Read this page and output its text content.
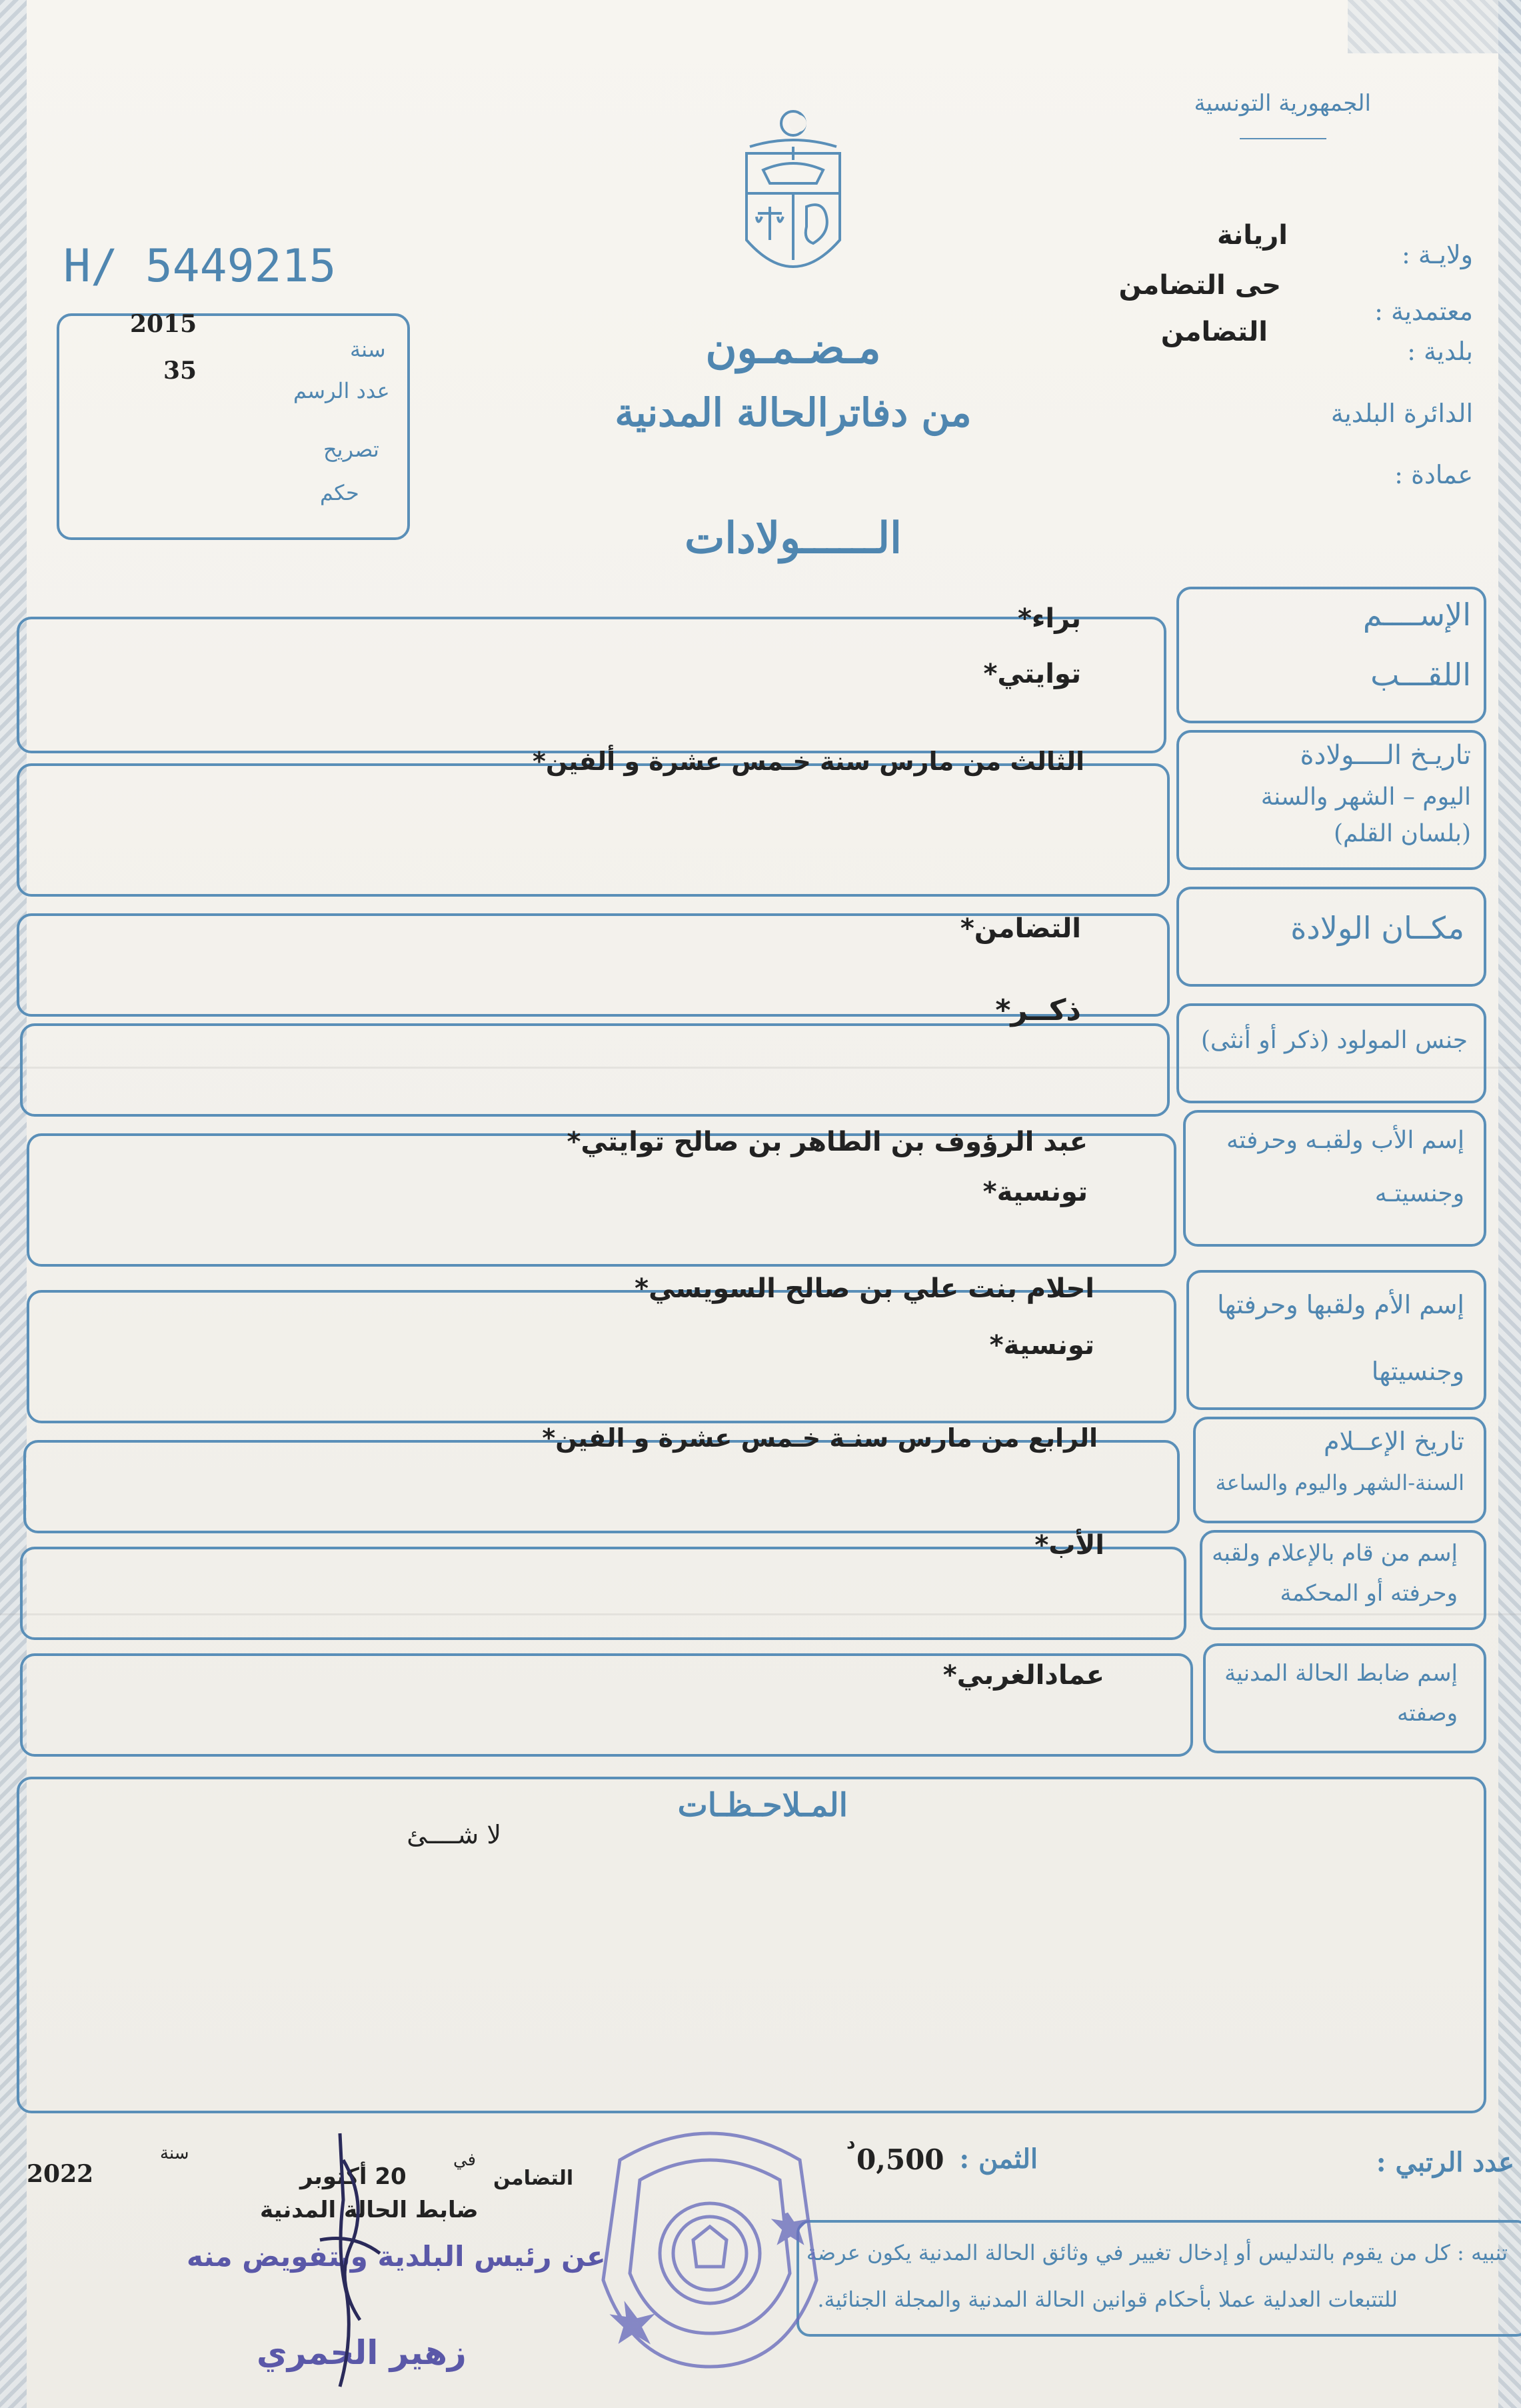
الجمهورية التونسية
ولايـة :
اريانة
معتمدية :
حى التضامن
بلدية :
التضامن
الدائرة البلدية
عمادة :
H/ 5449215
سنة
2015
عدد الرسم
35
تصريح
حكم
مـضـمـون
من دفاترالحالة المدنية
الــــــولادات
الإســــم
اللقـــب
براء*
توايتي*
تاريـخ الــــولادة
اليوم – الشهر والسنة
(بلسان القلم)
الثالث من مارس سنة خـمس عشرة و ألفين*
مكــان الولادة
التضامن*
جنس المولود (ذكر أو أنثى)
ذكــر*
إسم الأب ولقبـه وحرفته
وجنسيتـه
عبد الرؤوف بن الطاهر بن صالح توايتي*
تونسية*
إسم الأم ولقبها وحرفتها
وجنسيتها
احلام بنت علي بن صالح السويسي*
تونسية*
تاريخ الإعــلام
السنة-الشهر واليوم والساعة
الرابع من مارس سنـة خـمس عشرة و الفين*
إسم من قام بالإعلام ولقبه
وحرفته أو المحكمة
الأب*
إسم ضابط الحالة المدنية
وصفته
عمادالغربي*
المـلاحـظـات
لا شــــئ
عدد الرتبي :
الثمن :
0,500
د
التضامن
في
20 أكتوبر
سنة
2022
ضابط الحالة المدنية
عن رئيس البلدية وبتفويض منه
زهير الحمري
تنبيه : كل من يقوم بالتدليس أو إدخال تغيير في وثائق الحالة المدنية يكون عرضة
للتتبعات العدلية عملا بأحكام قوانين الحالة المدنية والمجلة الجنائية.
